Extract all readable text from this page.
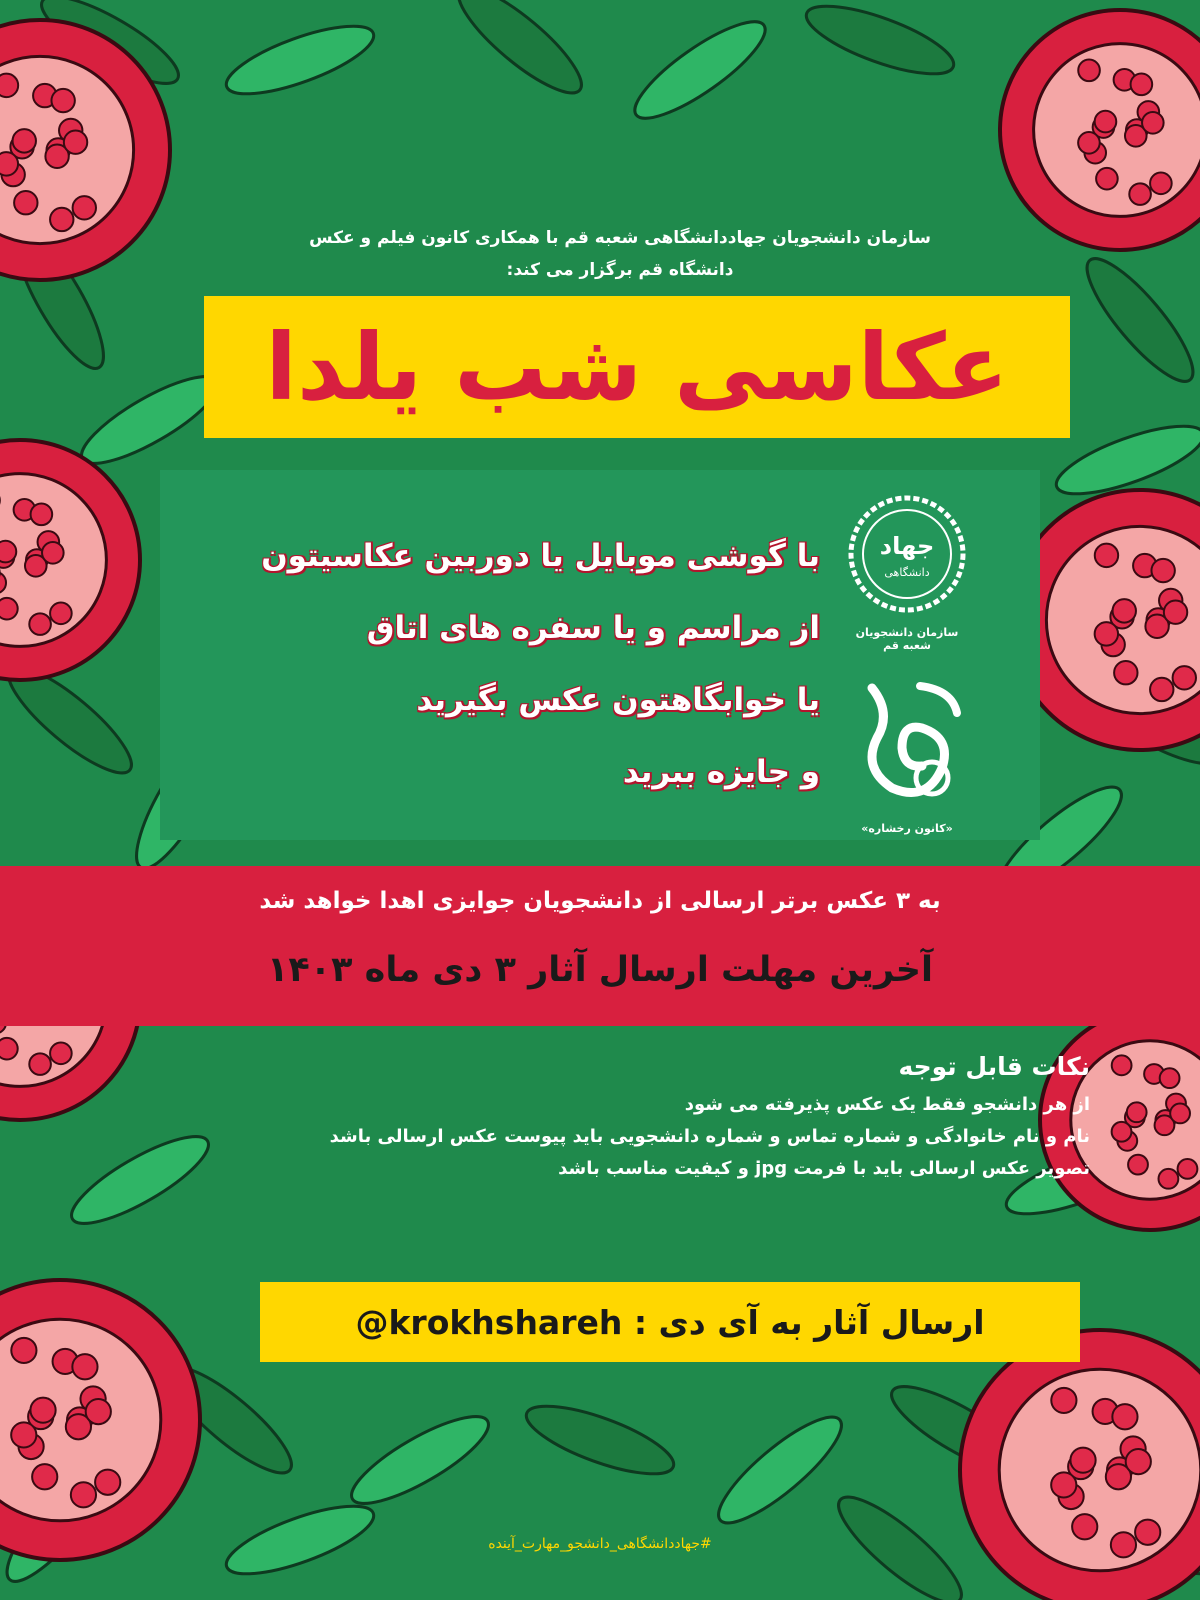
سازمان دانشجویان جهاددانشگاهی شعبه قم با همکاری کانون فیلم و عکس
دانشگاه قم برگزار می کند:
عکاسی شب یلدا
با گوشی موبایل یا دوربین عکاسیتون
از مراسم و یا سفره های اتاق
یا خوابگاهتون عکس بگیرید
و جایزه ببرید
جهاد
دانشگاهی
سازمان دانشجویان
شعبه قم
«کانون رخشاره»
به ۳ عکس برتر ارسالی از دانشجویان جوایزی اهدا خواهد شد
آخرین مهلت ارسال آثار ۳ دی ماه ۱۴۰۳
نکات قابل توجه
از هر دانشجو فقط یک عکس پذیرفته می شود
نام و نام خانوادگی و شماره تماس و شماره دانشجویی باید پیوست عکس ارسالی باشد
تصویر عکس ارسالی باید با فرمت jpg و کیفیت مناسب باشد
ارسال آثار به آی دی : krokhshareh@
#جهاددانشگاهی_دانشجو_مهارت_آینده
